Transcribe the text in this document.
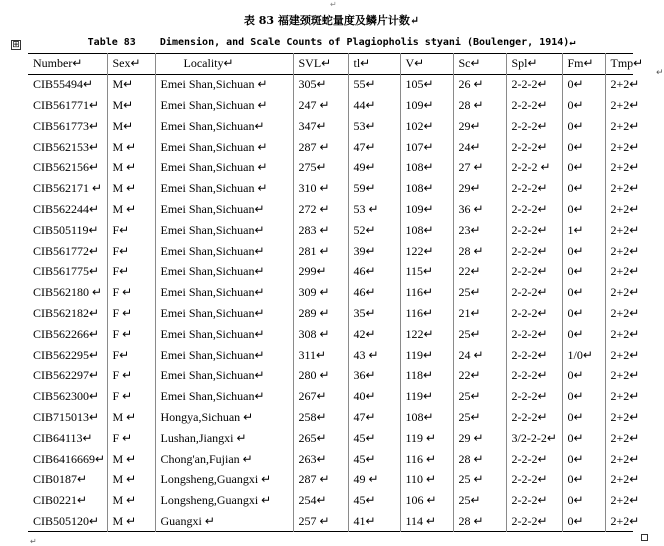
↵
表 83 福建颈斑蛇量度及鳞片计数↵
⊞	Table 83    Dimension, and Scale Counts of Plagiopholis styani (Boulenger, 1914)↵
Number↵	Sex↵	Locality↵	SVL↵	tl↵	V↵	Sc↵	Spl↵	Fm↵	Tmp↵
CIB55494↵	M↵	Emei Shan,Sichuan ↵	305↵	55↵	105↵	26 ↵	2-2-2↵	0↵	2+2↵
CIB561771↵	M↵	Emei Shan,Sichuan ↵	247 ↵	44↵	109↵	28 ↵	2-2-2↵	0↵	2+2↵
CIB561773↵	M↵	Emei Shan,Sichuan↵	347↵	53↵	102↵	29↵	2-2-2↵	0↵	2+2↵
CIB562153↵	M ↵	Emei Shan,Sichuan ↵	287 ↵	47↵	107↵	24↵	2-2-2↵	0↵	2+2↵
CIB562156↵	M ↵	Emei Shan,Sichuan ↵	275↵	49↵	108↵	27 ↵	2-2-2 ↵	0↵	2+2↵
CIB562171 ↵	M ↵	Emei Shan,Sichuan ↵	310 ↵	59↵	108↵	29↵	2-2-2↵	0↵	2+2↵
CIB562244↵	M ↵	Emei Shan,Sichuan↵	272 ↵	53 ↵	109↵	36 ↵	2-2-2↵	0↵	2+2↵
CIB505119↵	F↵	Emei Shan,Sichuan↵	283 ↵	52↵	108↵	23↵	2-2-2↵	1↵	2+2↵
CIB561772↵	F↵	Emei Shan,Sichuan↵	281 ↵	39↵	122↵	28 ↵	2-2-2↵	0↵	2+2↵
CIB561775↵	F↵	Emei Shan,Sichuan↵	299↵	46↵	115↵	22↵	2-2-2↵	0↵	2+2↵
CIB562180 ↵	F ↵	Emei Shan,Sichuan↵	309 ↵	46↵	116↵	25↵	2-2-2↵	0↵	2+2↵
CIB562182↵	F ↵	Emei Shan,Sichuan↵	289 ↵	35↵	116↵	21↵	2-2-2↵	0↵	2+2↵
CIB562266↵	F ↵	Emei Shan,Sichuan↵	308 ↵	42↵	122↵	25↵	2-2-2↵	0↵	2+2↵
CIB562295↵	F↵	Emei Shan,Sichuan↵	311↵	43 ↵	119↵	24 ↵	2-2-2↵	1/0↵	2+2↵
CIB562297↵	F ↵	Emei Shan,Sichuan↵	280 ↵	36↵	118↵	22↵	2-2-2↵	0↵	2+2↵
CIB562300↵	F ↵	Emei Shan,Sichuan↵	267↵	40↵	119↵	25↵	2-2-2↵	0↵	2+2↵
CIB715013↵	M ↵	Hongya,Sichuan ↵	258↵	47↵	108↵	25↵	2-2-2↵	0↵	2+2↵
CIB64113↵	F ↵	Lushan,Jiangxi ↵	265↵	45↵	119 ↵	29 ↵	3/2-2-2↵	0↵	2+2↵
CIB6416669↵	M ↵	Chong'an,Fujian ↵	263↵	45↵	116 ↵	28 ↵	2-2-2↵	0↵	2+2↵
CIB0187↵	M ↵	Longsheng,Guangxi ↵	287 ↵	49 ↵	110 ↵	25 ↵	2-2-2↵	0↵	2+2↵
CIB0221↵	M ↵	Longsheng,Guangxi ↵	254↵	45↵	106 ↵	25↵	2-2-2↵	0↵	2+2↵
CIB505120↵	M ↵	Guangxi ↵	257 ↵	41↵	114 ↵	28 ↵	2-2-2↵	0↵	2+2↵
↵
↵
